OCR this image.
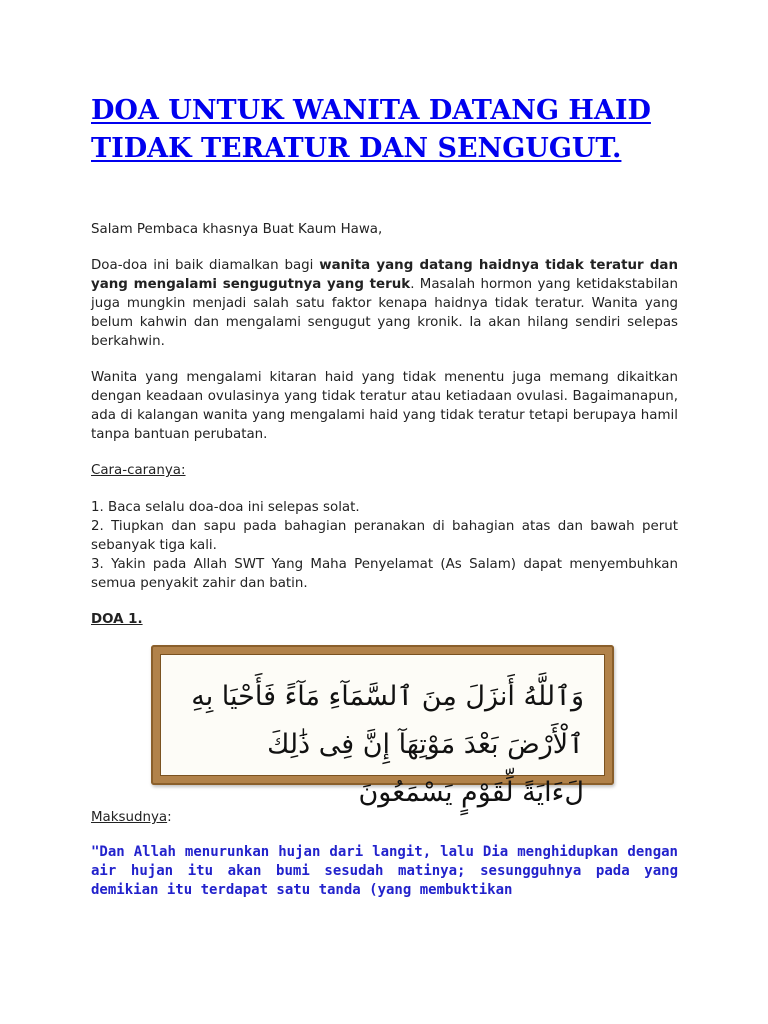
DOA UNTUK WANITA DATANG HAID TIDAK TERATUR DAN SENGUGUT.
Salam Pembaca khasnya Buat Kaum Hawa,
Doa-doa ini baik diamalkan bagi wanita yang datang haidnya tidak teratur dan yang mengalami sengugutnya yang teruk. Masalah hormon yang ketidakstabilan juga mungkin menjadi salah satu faktor kenapa haidnya tidak teratur. Wanita yang belum kahwin dan mengalami sengugut yang kronik. Ia akan hilang sendiri selepas berkahwin.
Wanita yang mengalami kitaran haid yang tidak menentu juga memang dikaitkan dengan keadaan ovulasinya yang tidak teratur atau ketiadaan ovulasi. Bagaimanapun, ada di kalangan wanita yang mengalami haid yang tidak teratur tetapi berupaya hamil tanpa bantuan perubatan.
Cara-caranya:
1. Baca selalu doa-doa ini selepas solat.
2. Tiupkan dan sapu pada bahagian peranakan di bahagian atas dan bawah perut sebanyak tiga kali.
3. Yakin pada Allah SWT Yang Maha Penyelamat (As Salam) dapat menyembuhkan semua penyakit zahir dan batin.
DOA 1.
Maksudnya:
"Dan Allah menurunkan hujan dari langit, lalu Dia menghidupkan dengan air hujan itu akan bumi sesudah matinya; sesungguhnya pada yang demikian itu terdapat satu tanda (yang membuktikan
وَٱللَّهُ أَنزَلَ مِنَ ٱلسَّمَآءِ مَآءً فَأَحْيَا بِهِ ٱلْأَرْضَ بَعْدَ مَوْتِهَآ إِنَّ فِى ذَٰلِكَ
لَءَايَةً لِّقَوْمٍ يَسْمَعُونَ
